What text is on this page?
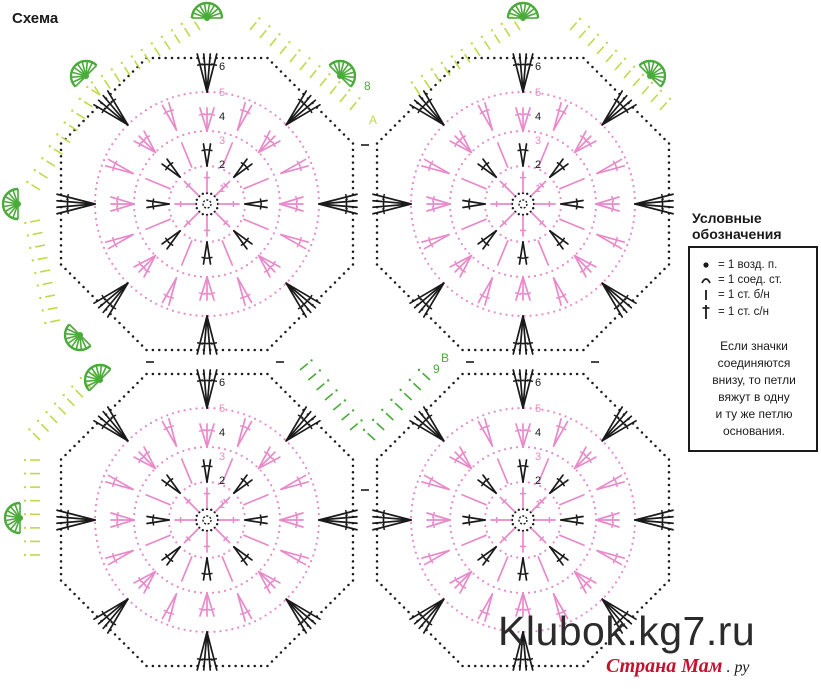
1
2
3
4
5
6
1
2
3
4
5
6
1
2
3
4
5
6
1
2
3
4
5
6
8
А
9
В
Схема
Условные
обозначения
= 1 возд. п.
= 1 соед. ст.
= 1 ст. б/н
= 1 ст. с/н
Если значки
соединяются
внизу, то петли
вяжут в одну
и ту же петлю
основания.
Klubok.kg7.ru
Страна Мам . ру
